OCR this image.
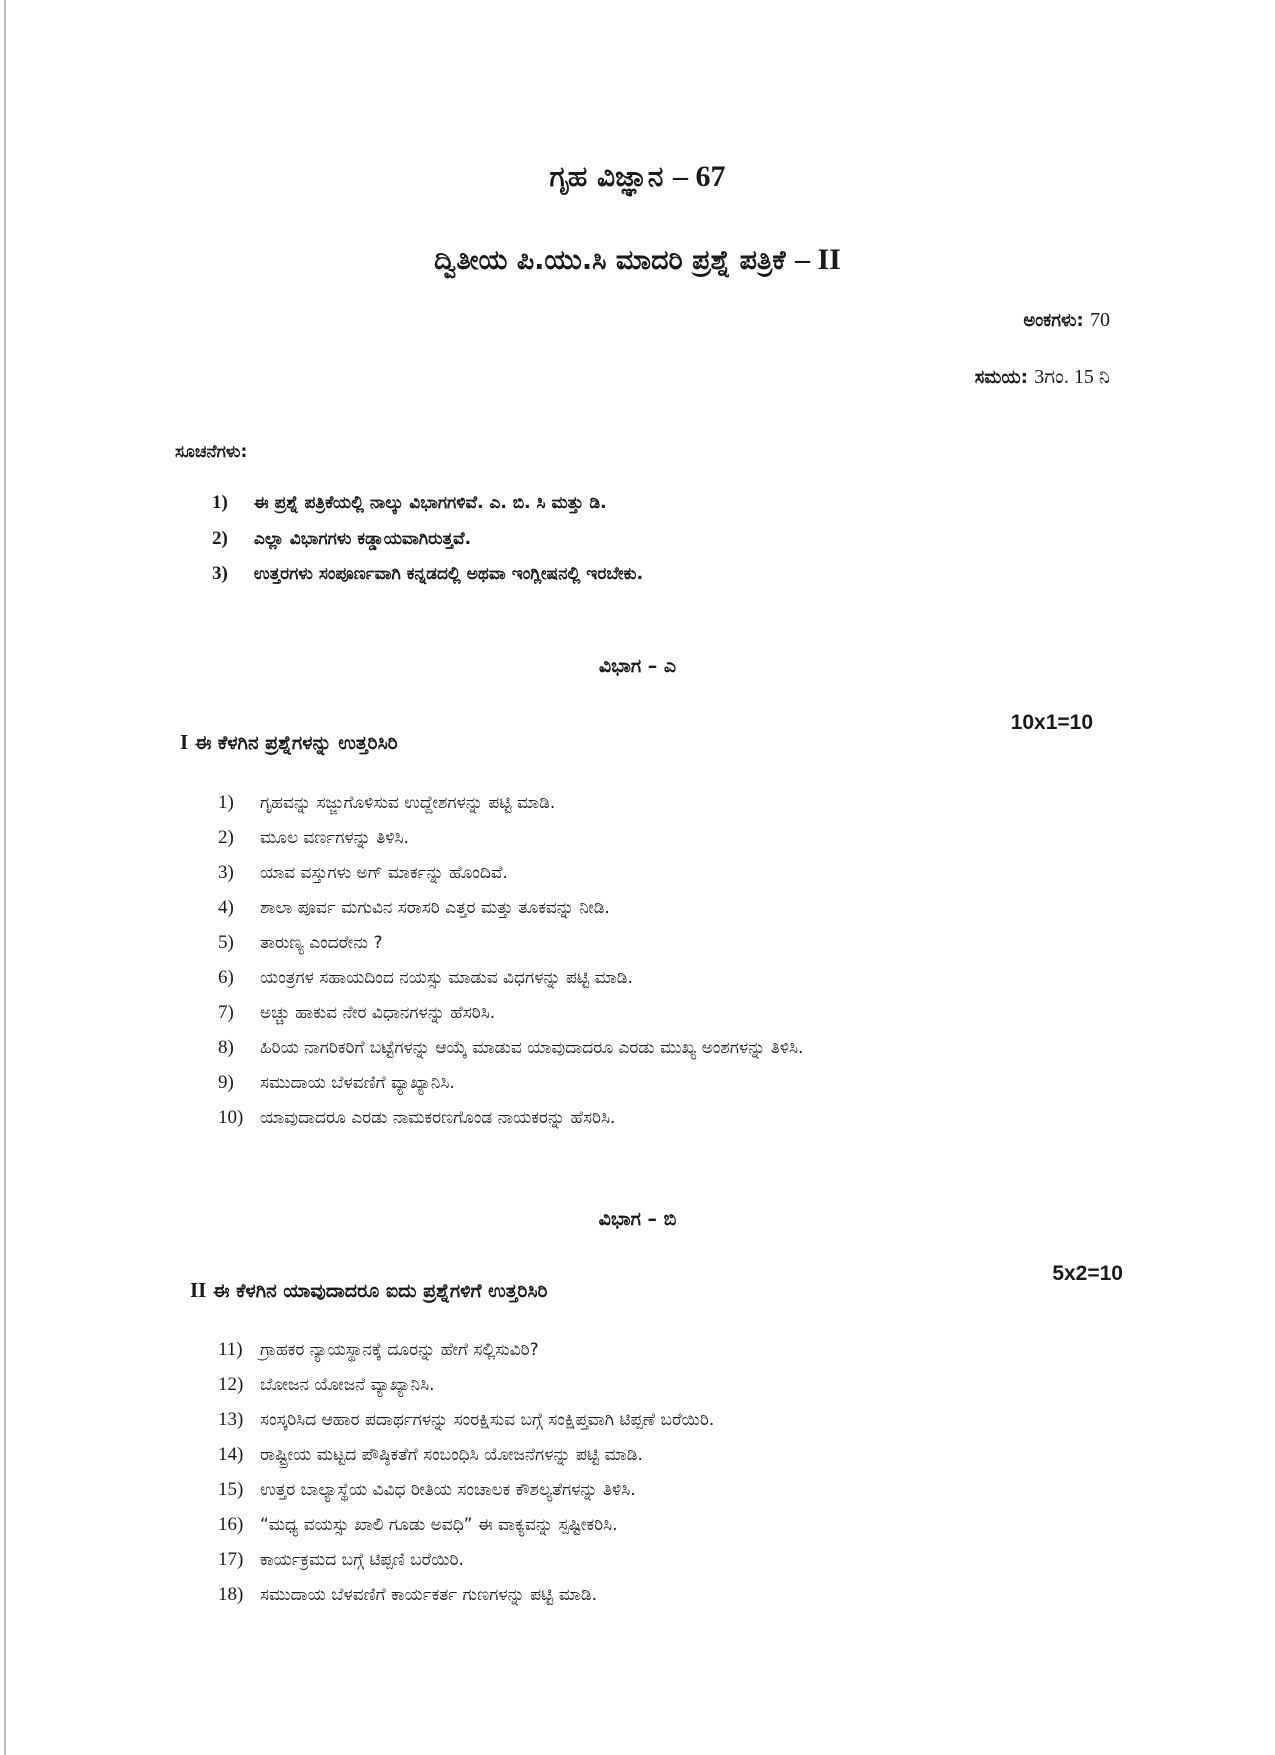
ಗೃಹ ವಿಜ್ಞಾನ – 67
ದ್ವಿತೀಯ ಪಿ.ಯು.ಸಿ ಮಾದರಿ ಪ್ರಶ್ನೆ ಪತ್ರಿಕೆ – II
ಅಂಕಗಳು: 70
ಸಮಯ: 3ಗಂ. 15 ನಿ
ಸೂಚನೆಗಳು:
1) ಈ ಪ್ರಶ್ನೆ ಪತ್ರಿಕೆಯಲ್ಲಿ ನಾಲ್ಕು ವಿಭಾಗಗಳಿವೆ. ಎ. ಬಿ. ಸಿ ಮತ್ತು ಡಿ.
2) ಎಲ್ಲಾ ವಿಭಾಗಗಳು ಕಡ್ಡಾಯವಾಗಿರುತ್ತವೆ.
3) ಉತ್ತರಗಳು ಸಂಪೂರ್ಣವಾಗಿ ಕನ್ನಡದಲ್ಲಿ ಅಥವಾ ಇಂಗ್ಲೀಷನಲ್ಲಿ ಇರಬೇಕು.
ವಿಭಾಗ – ಎ
10x1=10
I ಈ ಕೆಳಗಿನ ಪ್ರಶ್ನೆಗಳನ್ನು ಉತ್ತರಿಸಿರಿ
1) ಗೃಹವನ್ನು ಸಜ್ಜುಗೊಳಿಸುವ ಉದ್ದೇಶಗಳನ್ನು ಪಟ್ಟಿ ಮಾಡಿ.
2) ಮೂಲ ವರ್ಣಗಳನ್ನು ತಿಳಿಸಿ.
3) ಯಾವ ವಸ್ತುಗಳು ಅಗ್ ಮಾರ್ಕನ್ನು ಹೊಂದಿವೆ.
4) ಶಾಲಾ ಪೂರ್ವ ಮಗುವಿನ ಸರಾಸರಿ ಎತ್ತರ ಮತ್ತು ತೂಕವನ್ನು ನೀಡಿ.
5) ತಾರುಣ್ಯ ಎಂದರೇನು ?
6) ಯಂತ್ರಗಳ ಸಹಾಯದಿಂದ ನಯಸ್ಸು ಮಾಡುವ ವಿಧಗಳನ್ನು ಪಟ್ಟಿ ಮಾಡಿ.
7) ಅಚ್ಚು ಹಾಕುವ ನೇರ ವಿಧಾನಗಳನ್ನು ಹೆಸರಿಸಿ.
8) ಹಿರಿಯ ನಾಗರಿಕರಿಗೆ ಬಟ್ಟೆಗಳನ್ನು ಆಯ್ಕೆ ಮಾಡುವ ಯಾವುದಾದರೂ ಎರಡು ಮುಖ್ಯ ಅಂಶಗಳನ್ನು ತಿಳಿಸಿ.
9) ಸಮುದಾಯ ಬೆಳವಣಿಗೆ ವ್ಯಾಖ್ಯಾನಿಸಿ.
10) ಯಾವುದಾದರೂ ಎರಡು ನಾಮಕರಣಗೊಂಡ ನಾಯಕರನ್ನು ಹೆಸರಿಸಿ.
ವಿಭಾಗ – ಬಿ
5x2=10
II ಈ ಕೆಳಗಿನ ಯಾವುದಾದರೂ ಐದು ಪ್ರಶ್ನೆಗಳಿಗೆ ಉತ್ತರಿಸಿರಿ
11) ಗ್ರಾಹಕರ ನ್ಯಾಯಸ್ಥಾನಕ್ಕೆ ದೂರನ್ನು ಹೇಗೆ ಸಲ್ಲಿಸುವಿರಿ?
12) ಬೋಜನ ಯೋಜನೆ ವ್ಯಾಖ್ಯಾನಿಸಿ.
13) ಸಂಸ್ಕರಿಸಿದ ಆಹಾರ ಪದಾರ್ಥಗಳನ್ನು ಸಂರಕ್ಷಿಸುವ ಬಗ್ಗೆ ಸಂಕ್ಷಿಪ್ತವಾಗಿ ಟಿಪ್ಪಣೆ ಬರೆಯಿರಿ.
14) ರಾಷ್ಟ್ರೀಯ ಮಟ್ಟದ ಪೌಷ್ಠಿಕತೆಗೆ ಸಂಬಂಧಿಸಿ ಯೋಜನೆಗಳನ್ನು ಪಟ್ಟಿ ಮಾಡಿ.
15) ಉತ್ತರ ಬಾಲ್ಯಾಸ್ಥೆಯ ವಿವಿಧ ರೀತಿಯ ಸಂಚಾಲಕ ಕೌಶಲ್ಯತೆಗಳನ್ನು ತಿಳಿಸಿ.
16) “ಮಧ್ಯ ವಯಸ್ಸು ಖಾಲಿ ಗೂಡು ಅವಧಿ” ಈ ವಾಕ್ಯವನ್ನು ಸ್ಪಷ್ಟೀಕರಿಸಿ.
17) ಕಾರ್ಯಕ್ರಮದ ಬಗ್ಗೆ ಟಿಪ್ಪಣಿ ಬರೆಯಿರಿ.
18) ಸಮುದಾಯ ಬೆಳವಣಿಗೆ ಕಾರ್ಯಕರ್ತ ಗುಣಗಳನ್ನು ಪಟ್ಟಿ ಮಾಡಿ.
